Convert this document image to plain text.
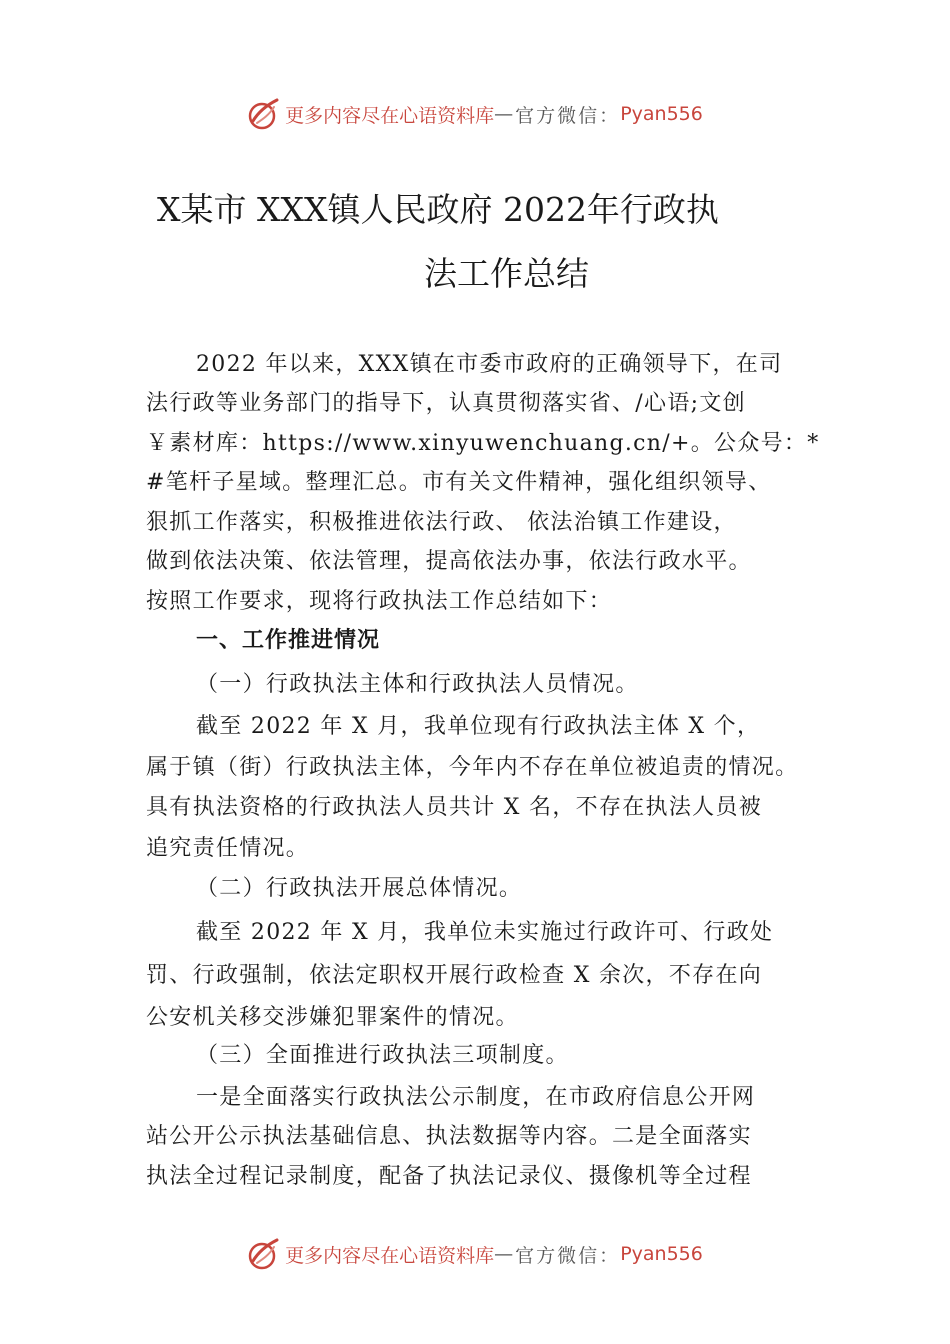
更多内容尽在心语资料库 — 官方微信： Pyan556
X某市 XXX镇人民政府 2022年行政执
法工作总结

2022 年以来，XXX镇在市委市政府的正确领导下，在司

法行政等业务部门的指导下，认真贯彻落实省、/心语;文创

￥素材库：https://www.xinyuwenchuang.cn/+。公众号：*

#笔杆子星域。整理汇总。市有关文件精神，强化组织领导、

狠抓工作落实，积极推进依法行政、 依法治镇工作建设，

做到依法决策、依法管理，提高依法办事，依法行政水平。

按照工作要求，现将行政执法工作总结如下：

一、工作推进情况

（一）行政执法主体和行政执法人员情况。

截至 2022 年 X 月，我单位现有行政执法主体 X 个，

属于镇（街）行政执法主体，今年内不存在单位被追责的情况。

具有执法资格的行政执法人员共计 X 名，不存在执法人员被

追究责任情况。

（二）行政执法开展总体情况。

截至 2022 年 X 月，我单位未实施过行政许可、行政处

罚、行政强制，依法定职权开展行政检查 X 余次，不存在向

公安机关移交涉嫌犯罪案件的情况。

（三）全面推进行政执法三项制度。

一是全面落实行政执法公示制度，在市政府信息公开网

站公开公示执法基础信息、执法数据等内容。二是全面落实

执法全过程记录制度，配备了执法记录仪、摄像机等全过程

更多内容尽在心语资料库 — 官方微信： Pyan556
